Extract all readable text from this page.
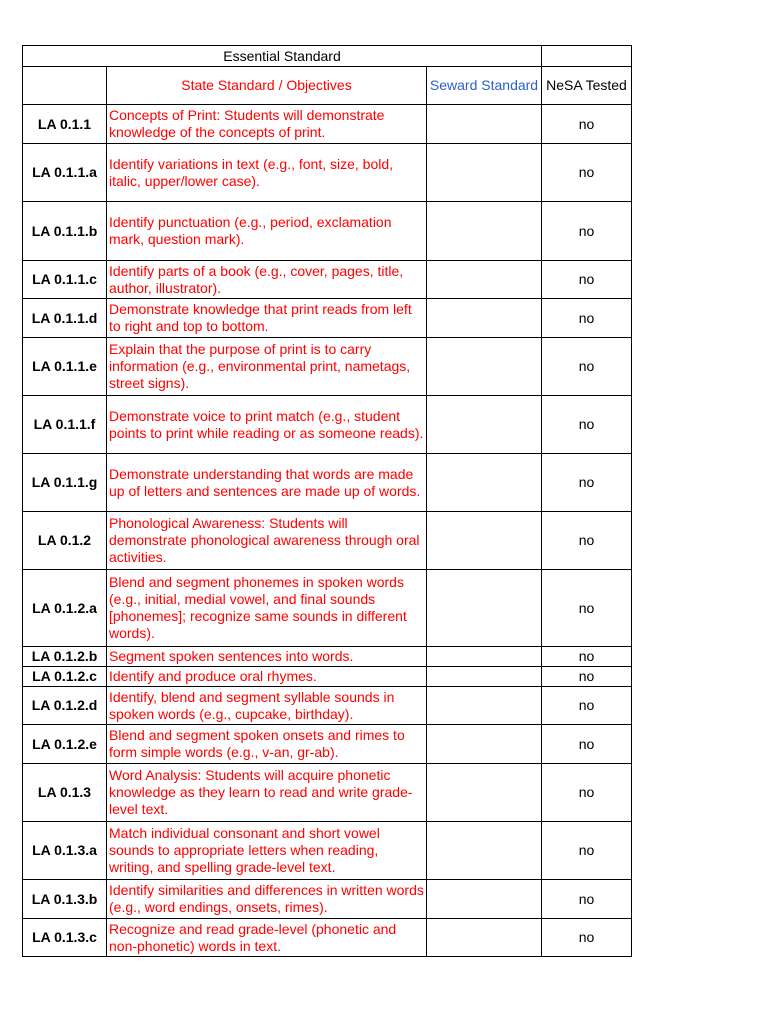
Essential Standard			
	State Standard / Objectives	Seward Standard	NeSA Tested
LA 0.1.1	Concepts of Print: Students will demonstrate knowledge of the concepts of print.		no
LA 0.1.1.a	Identify variations in text (e.g., font, size, bold, italic, upper/lower case).		no
LA 0.1.1.b	Identify punctuation (e.g., period, exclamation mark, question mark).		no
LA 0.1.1.c	Identify parts of a book (e.g., cover, pages, title, author, illustrator).		no
LA 0.1.1.d	Demonstrate knowledge that print reads from left to right and top to bottom.		no
LA 0.1.1.e	Explain that the purpose of print is to carry information (e.g., environmental print, nametags, street signs).		no
LA 0.1.1.f	Demonstrate voice to print match (e.g., student points to print while reading or as someone reads).		no
LA 0.1.1.g	Demonstrate understanding that words are made up of letters and sentences are made up of words.		no
LA 0.1.2	Phonological Awareness: Students will demonstrate phonological awareness through oral activities.		no
LA 0.1.2.a	Blend and segment phonemes in spoken words (e.g., initial, medial vowel, and final sounds [phonemes]; recognize same sounds in different words).		no
LA 0.1.2.b	Segment spoken sentences into words.		no
LA 0.1.2.c	Identify and produce oral rhymes.		no
LA 0.1.2.d	Identify, blend and segment syllable sounds in spoken words (e.g., cupcake, birthday).		no
LA 0.1.2.e	Blend and segment spoken onsets and rimes to form simple words (e.g., v-an, gr-ab).		no
LA 0.1.3	Word Analysis: Students will acquire phonetic knowledge as they learn to read and write grade-level text.		no
LA 0.1.3.a	Match individual consonant and short vowel sounds to appropriate letters when reading, writing, and spelling grade-level text.		no
LA 0.1.3.b	Identify similarities and differences in written words (e.g., word endings, onsets, rimes).		no
LA 0.1.3.c	Recognize and read grade-level (phonetic and non-phonetic) words in text.		no
